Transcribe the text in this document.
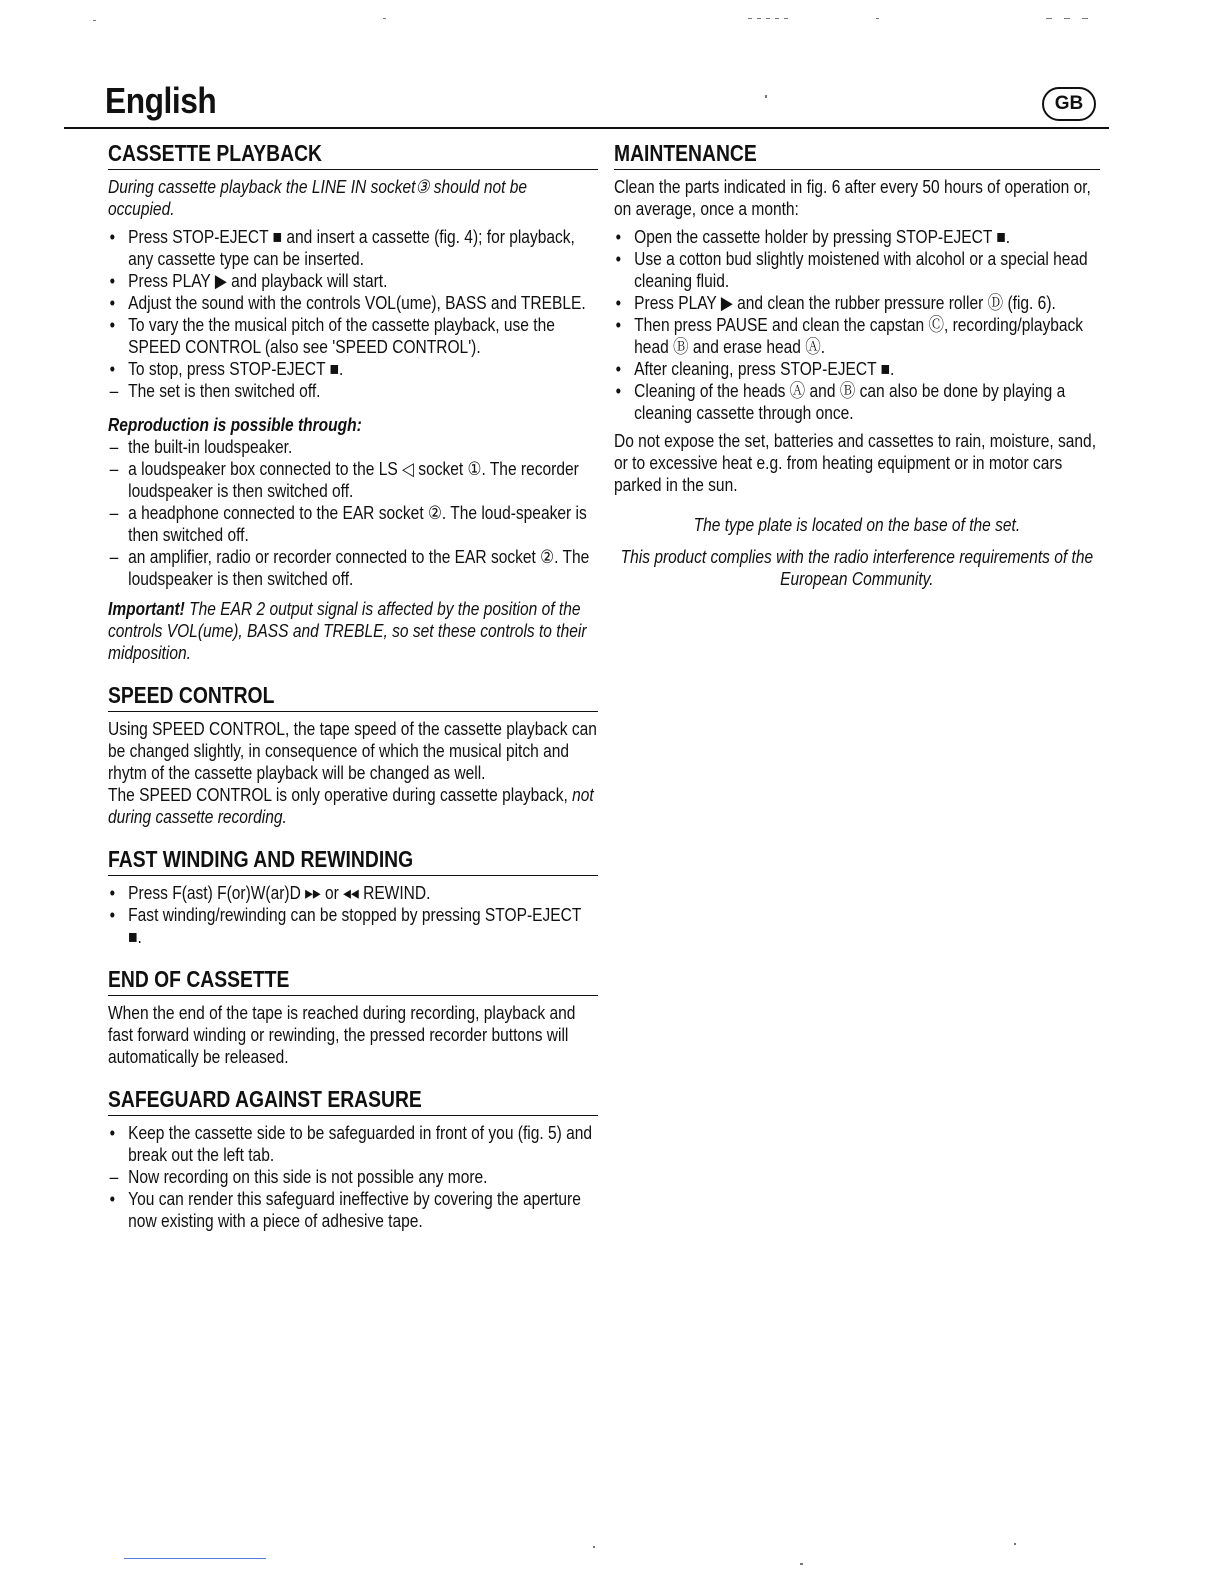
English	GB
CASSETTE PLAYBACK

During cassette playback the LINE IN socket③ should not be occupied.

• Press STOP-EJECT ■ and insert a cassette (fig. 4); for playback, any cassette type can be inserted.
• Press PLAY ▶ and playback will start.
• Adjust the sound with the controls VOL(ume), BASS and TREBLE.
• To vary the the musical pitch of the cassette playback, use the SPEED CONTROL (also see 'SPEED CONTROL').
• To stop, press STOP-EJECT ■.
– The set is then switched off.

Reproduction is possible through:

– the built-in loudspeaker.
– a loudspeaker box connected to the LS ◁ socket ①. The recorder loudspeaker is then switched off.
– a headphone connected to the EAR socket ②. The loud-speaker is then switched off.
– an amplifier, radio or recorder connected to the EAR socket ②. The loudspeaker is then switched off.

Important! The EAR 2 output signal is affected by the position of the controls VOL(ume), BASS and TREBLE, so set these controls to their midposition.

SPEED CONTROL

Using SPEED CONTROL, the tape speed of the cassette playback can be changed slightly, in consequence of which the musical pitch and rhytm of the cassette playback will be changed as well.

The SPEED CONTROL is only operative during cassette playback, not during cassette recording.

FAST WINDING AND REWINDING
• Press F(ast) F(or)W(ar)D ▸▸ or ◂◂ REWIND.
• Fast winding/rewinding can be stopped by pressing STOP-EJECT ■.
END OF CASSETTE

When the end of the tape is reached during recording, playback and fast forward winding or rewinding, the pressed recorder buttons will automatically be released.

SAFEGUARD AGAINST ERASURE
• Keep the cassette side to be safeguarded in front of you (fig. 5) and break out the left tab.
– Now recording on this side is not possible any more.
• You can render this safeguard ineffective by covering the aperture now existing with a piece of adhesive tape.
MAINTENANCE

Clean the parts indicated in fig. 6 after every 50 hours of operation or, on average, once a month:

• Open the cassette holder by pressing STOP-EJECT ■.
• Use a cotton bud slightly moistened with alcohol or a special head cleaning fluid.
• Press PLAY ▶ and clean the rubber pressure roller Ⓓ (fig. 6).
• Then press PAUSE and clean the capstan Ⓒ, recording/playback head Ⓑ and erase head Ⓐ.
• After cleaning, press STOP-EJECT ■.
• Cleaning of the heads Ⓐ and Ⓑ can also be done by playing a cleaning cassette through once.

Do not expose the set, batteries and cassettes to rain, moisture, sand, or to excessive heat e.g. from heating equipment or in motor cars parked in the sun.

The type plate is located on the base of the set.

This product complies with the radio interference requirements of the European Community.
